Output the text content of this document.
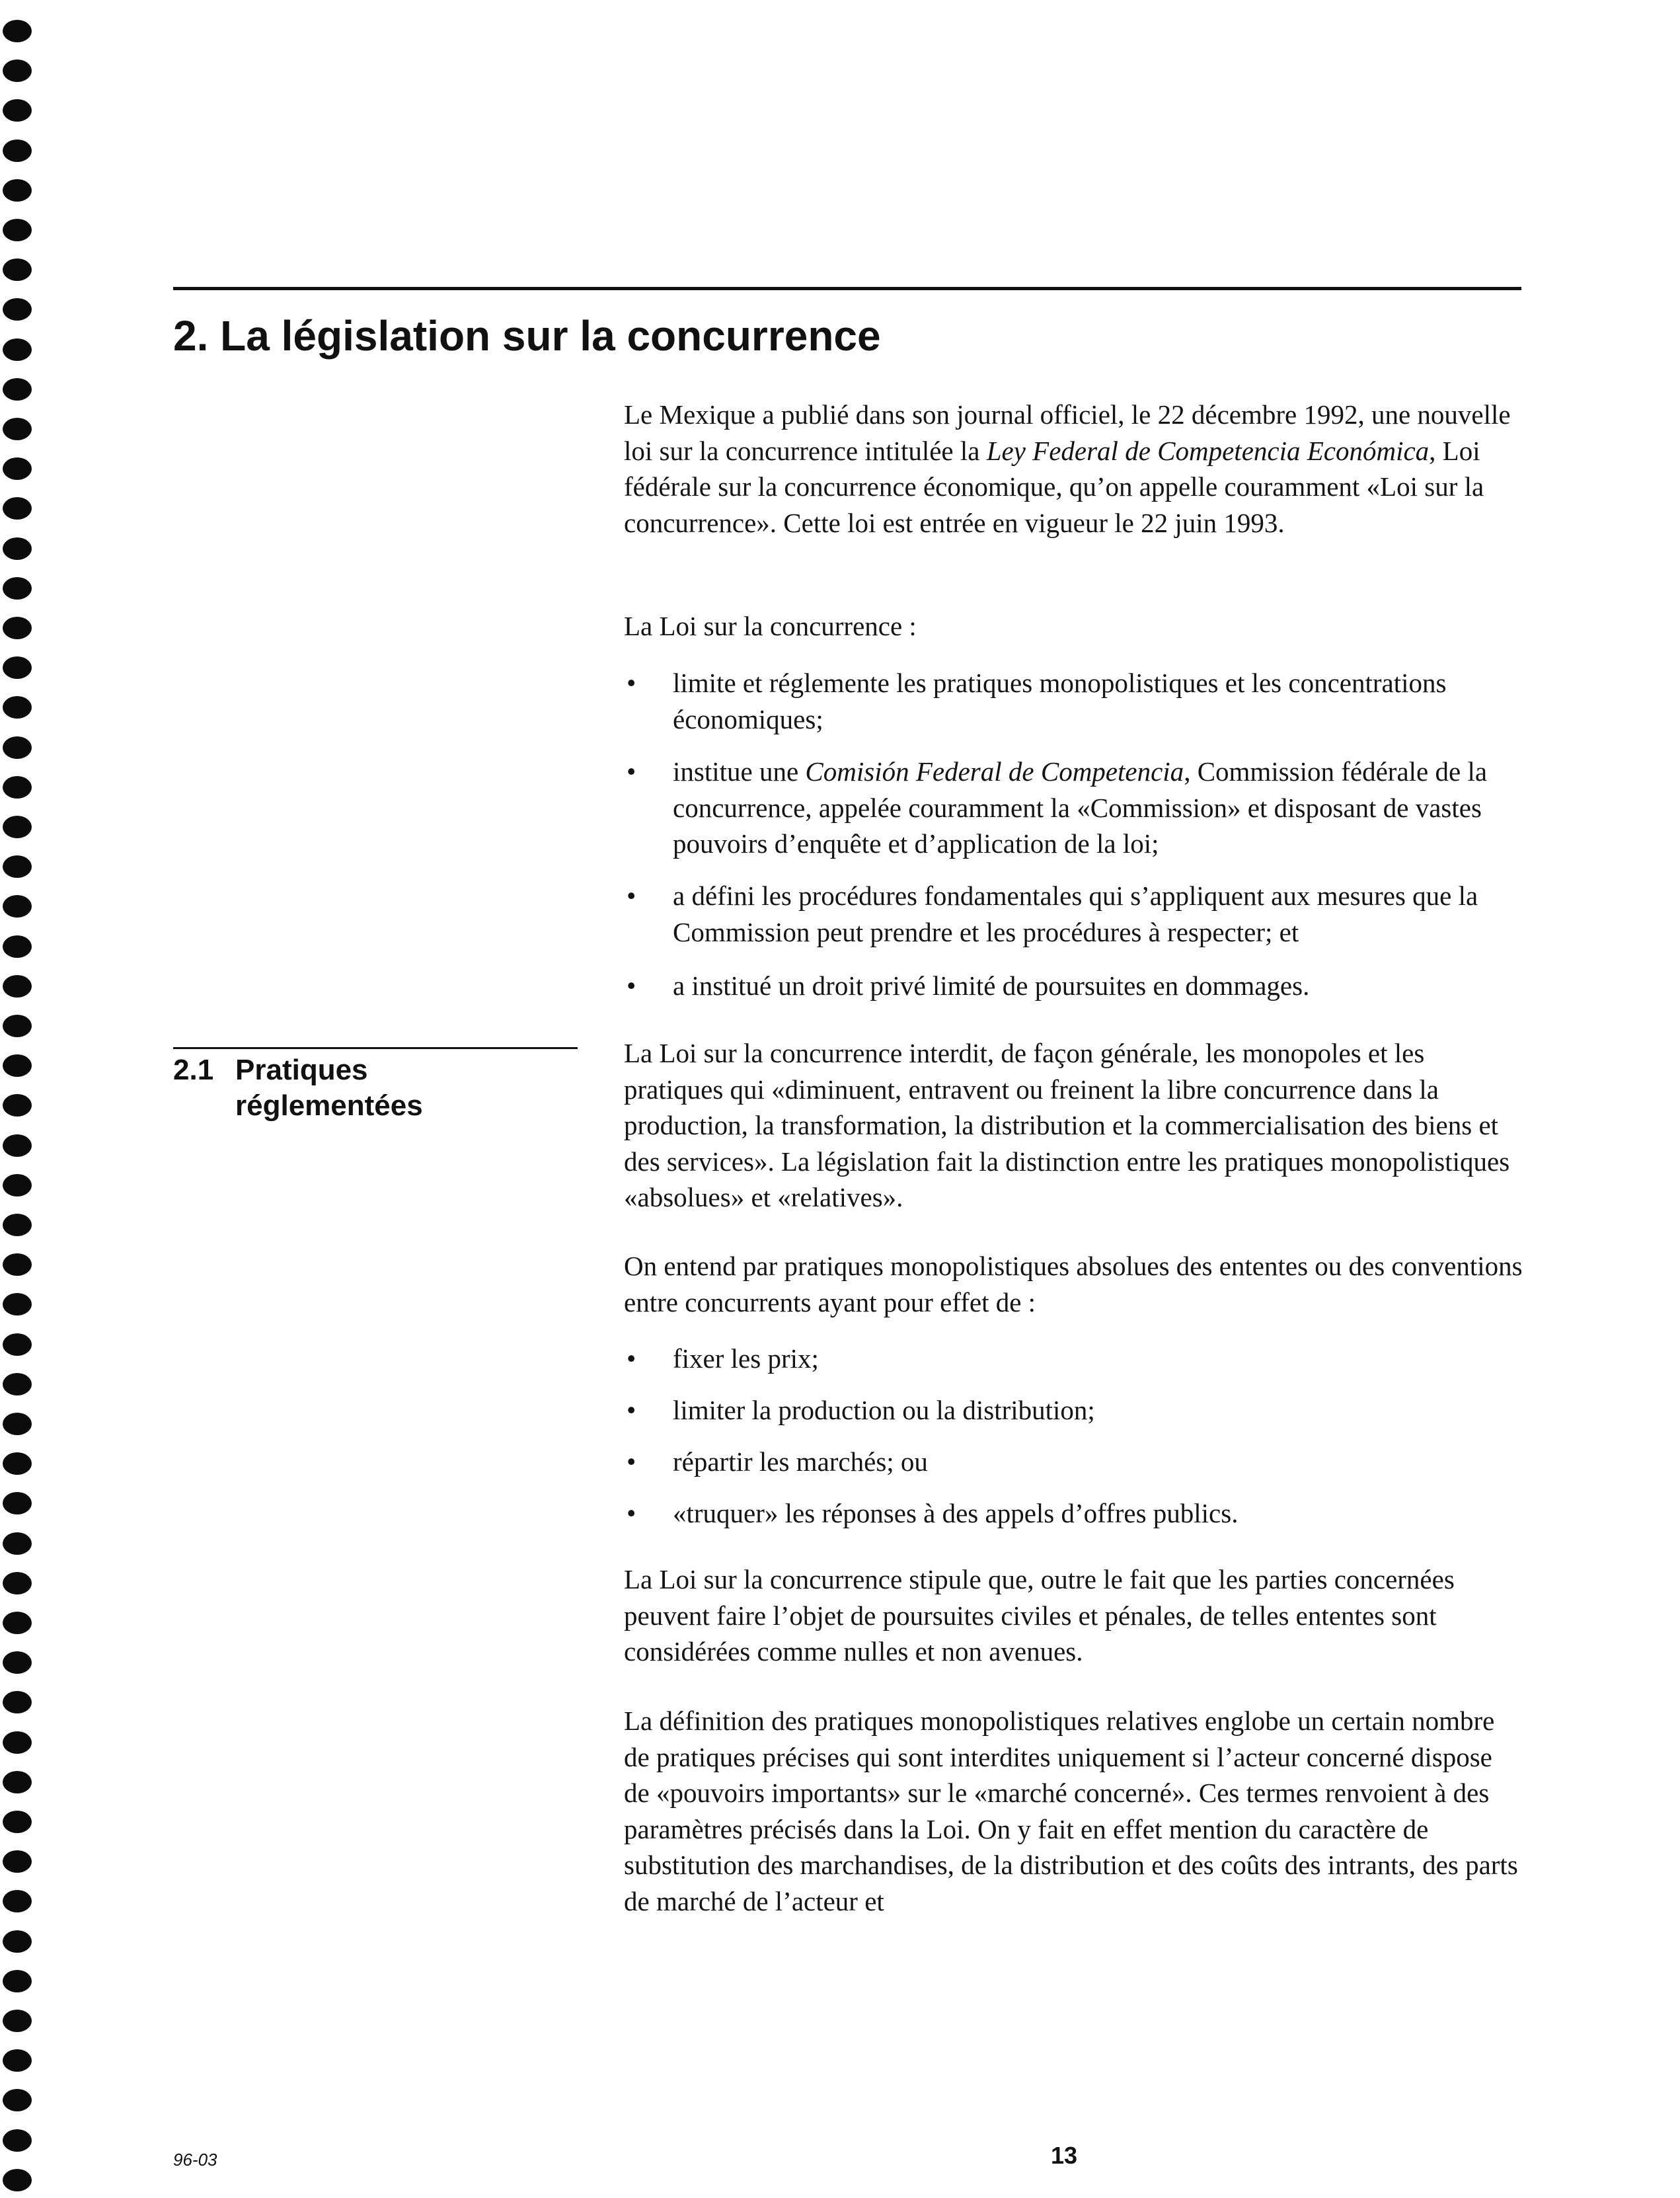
2. La législation sur la concurrence

Le Mexique a publié dans son journal officiel, le 22 décembre 1992, une nouvelle loi sur la concurrence intitulée la Ley Federal de Competencia Económica, Loi fédérale sur la concurrence économique, qu’on appelle couramment «Loi sur la concurrence». Cette loi est entrée en vigueur le 22 juin 1993.

La Loi sur la concurrence :

• limite et réglemente les pratiques monopolistiques et les concentrations économiques;
• institue une Comisión Federal de Competencia, Commission fédérale de la concurrence, appelée couramment la «Commission» et disposant de vastes pouvoirs d’enquête et d’application de la loi;
• a défini les procédures fondamentales qui s’appliquent aux mesures que la Commission peut prendre et les procédures à respecter; et
• a institué un droit privé limité de poursuites en dommages.
2.1 Pratiques réglementées

La Loi sur la concurrence interdit, de façon générale, les monopoles et les pratiques qui «diminuent, entravent ou freinent la libre concurrence dans la production, la transformation, la distribution et la commercialisation des biens et des services». La législation fait la distinction entre les pratiques monopolistiques «absolues» et «relatives».

On entend par pratiques monopolistiques absolues des ententes ou des conventions entre concurrents ayant pour effet de :

• fixer les prix;
• limiter la production ou la distribution;
• répartir les marchés; ou
• «truquer» les réponses à des appels d’offres publics.

La Loi sur la concurrence stipule que, outre le fait que les parties concernées peuvent faire l’objet de poursuites civiles et pénales, de telles ententes sont considérées comme nulles et non avenues.

La définition des pratiques monopolistiques relatives englobe un certain nombre de pratiques précises qui sont interdites uniquement si l’acteur concerné dispose de «pouvoirs importants» sur le «marché concerné». Ces termes renvoient à des paramètres précisés dans la Loi. On y fait en effet mention du caractère de substitution des marchandises, de la distribution et des coûts des intrants, des parts de marché de l’acteur et

96-03	13
